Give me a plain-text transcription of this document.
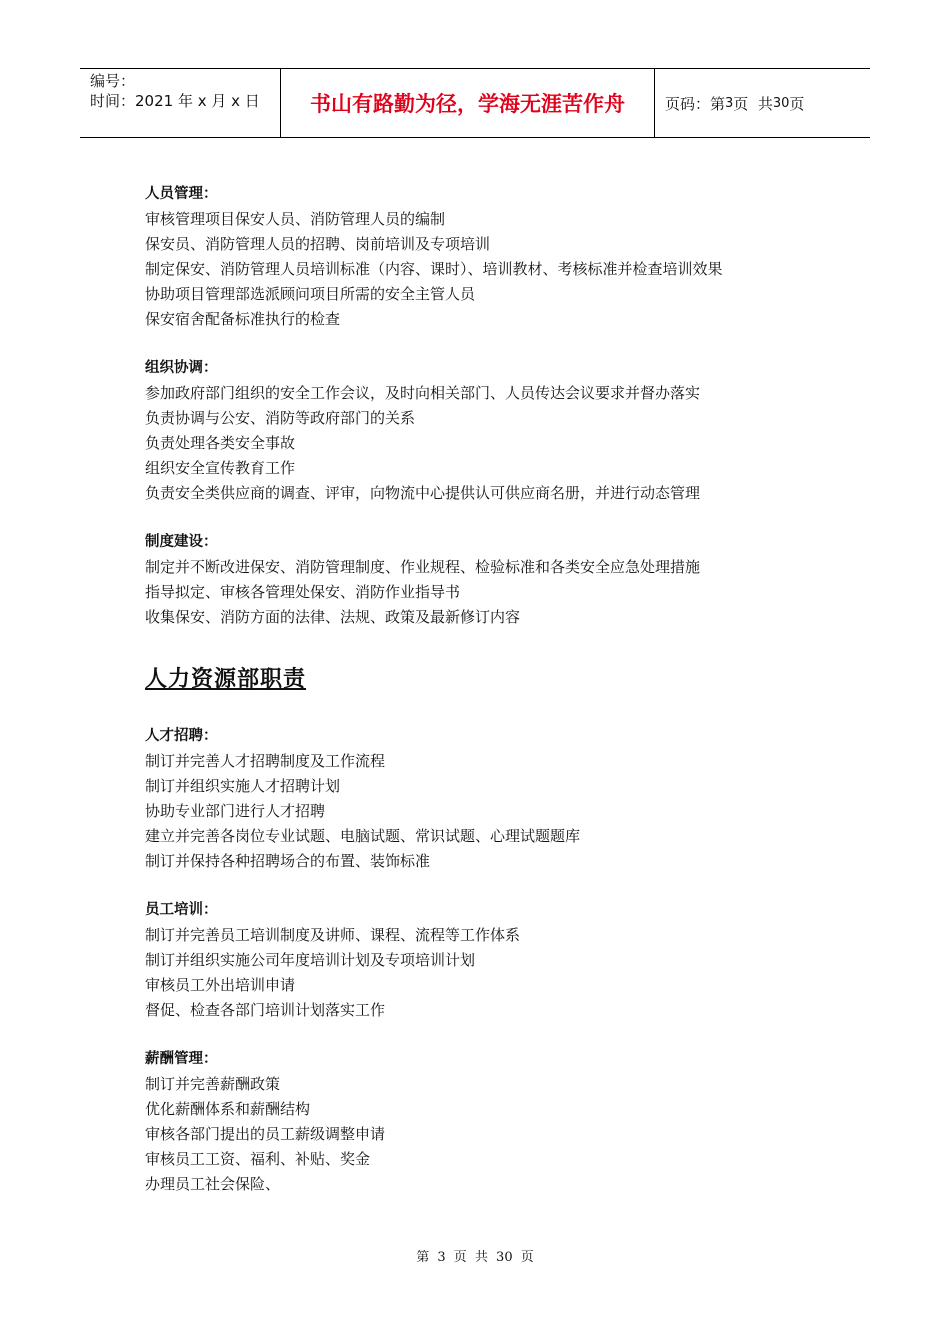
编号：
时间：2021 年 x 月 x 日	书山有路勤为径，学海无涯苦作舟	页码：第 3 页  共 30 页
人员管理：
审核管理项目保安人员、消防管理人员的编制
保安员、消防管理人员的招聘、岗前培训及专项培训
制定保安、消防管理人员培训标准（内容、课时）、培训教材、考核标准并检查培训效果
协助项目管理部选派顾问项目所需的安全主管人员
保安宿舍配备标准执行的检查
组织协调：
参加政府部门组织的安全工作会议，及时向相关部门、人员传达会议要求并督办落实
负责协调与公安、消防等政府部门的关系
负责处理各类安全事故
组织安全宣传教育工作
负责安全类供应商的调查、评审，向物流中心提供认可供应商名册，并进行动态管理
制度建设：
制定并不断改进保安、消防管理制度、作业规程、检验标准和各类安全应急处理措施
指导拟定、审核各管理处保安、消防作业指导书
收集保安、消防方面的法律、法规、政策及最新修订内容
人力资源部职责
人才招聘：
制订并完善人才招聘制度及工作流程
制订并组织实施人才招聘计划
协助专业部门进行人才招聘
建立并完善各岗位专业试题、电脑试题、常识试题、心理试题题库
制订并保持各种招聘场合的布置、装饰标准
员工培训：
制订并完善员工培训制度及讲师、课程、流程等工作体系
制订并组织实施公司年度培训计划及专项培训计划
审核员工外出培训申请
督促、检查各部门培训计划落实工作
薪酬管理：
制订并完善薪酬政策
优化薪酬体系和薪酬结构
审核各部门提出的员工薪级调整申请
审核员工工资、福利、补贴、奖金
办理员工社会保险、
第 3 页 共 30 页
